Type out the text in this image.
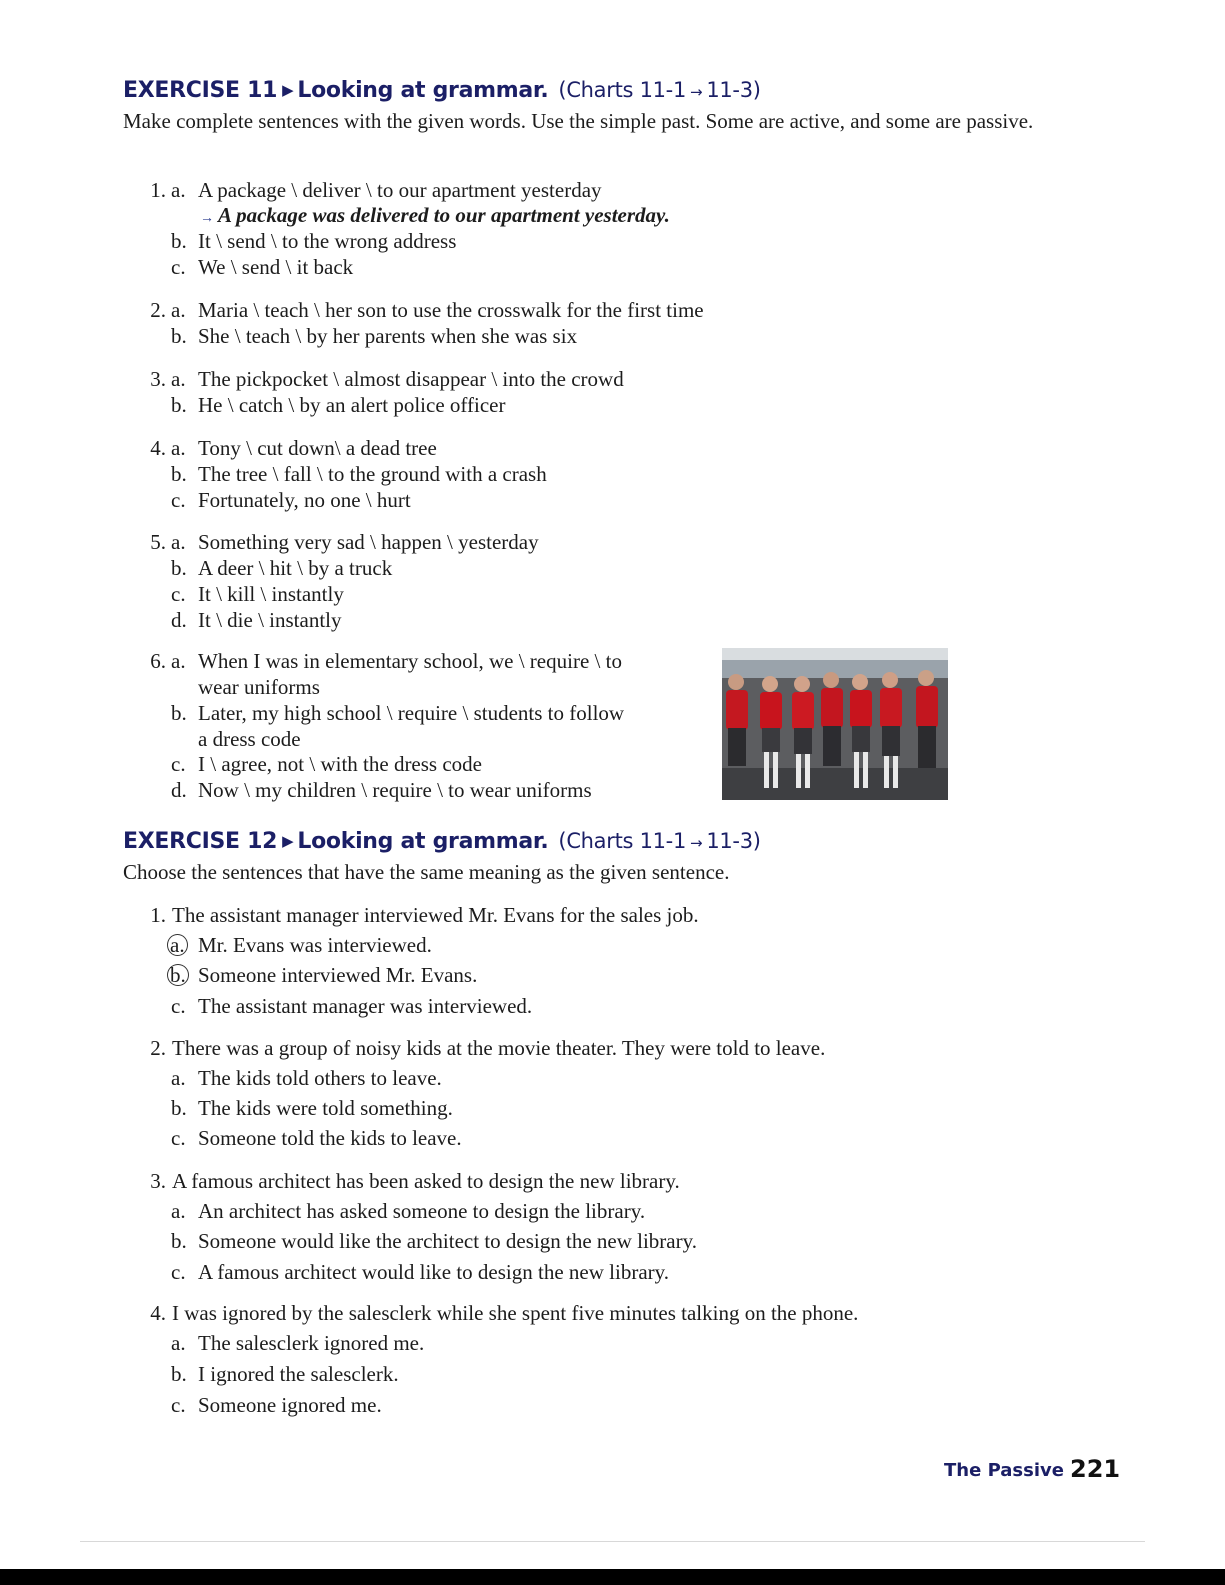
EXERCISE 11 ▶ Looking at grammar. (Charts 11-1 → 11-3)

Make complete sentences with the given words. Use the simple past. Some are active, and some are passive.

1. a. A package \ deliver \ to our apartment yesterday
→ A package was delivered to our apartment yesterday.
b. It \ send \ to the wrong address
c. We \ send \ it back
2. a. Maria \ teach \ her son to use the crosswalk for the first time
b. She \ teach \ by her parents when she was six
3. a. The pickpocket \ almost disappear \ into the crowd
b. He \ catch \ by an alert police officer
4. a. Tony \ cut down\ a dead tree
b. The tree \ fall \ to the ground with a crash
c. Fortunately, no one \ hurt
5. a. Something very sad \ happen \ yesterday
b. A deer \ hit \ by a truck
c. It \ kill \ instantly
d. It \ die \ instantly
6. a. When I was in elementary school, we \ require \ to
wear uniforms
b. Later, my high school \ require \ students to follow
a dress code
c. I \ agree, not \ with the dress code
d. Now \ my children \ require \ to wear uniforms
EXERCISE 12 ▶ Looking at grammar. (Charts 11-1 → 11-3)

Choose the sentences that have the same meaning as the given sentence.

1. The assistant manager interviewed Mr. Evans for the sales job.
a. Mr. Evans was interviewed.
b. Someone interviewed Mr. Evans.
c. The assistant manager was interviewed.
2. There was a group of noisy kids at the movie theater. They were told to leave.
a. The kids told others to leave.
b. The kids were told something.
c. Someone told the kids to leave.
3. A famous architect has been asked to design the new library.
a. An architect has asked someone to design the library.
b. Someone would like the architect to design the new library.
c. A famous architect would like to design the new library.
4. I was ignored by the salesclerk while she spent five minutes talking on the phone.
a. The salesclerk ignored me.
b. I ignored the salesclerk.
c. Someone ignored me.
The Passive 221
